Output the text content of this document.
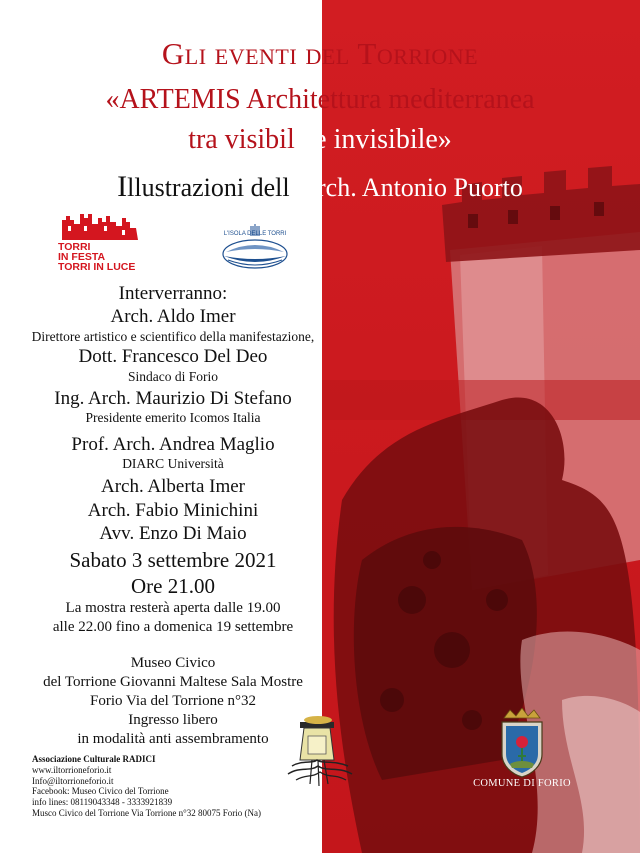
Gli eventi del Torrione
«ARTEMIS Architettura mediterranea
tra visibile e invisibile»
Illustrazioni dell’Arch. Antonio Puorto
TORRI
IN FESTA
TORRI IN LUCE
L'ISOLA DELLE TORRI
Interverranno:
Arch. Aldo Imer
Direttore artistico e scientifico della manifestazione,
Dott. Francesco Del Deo
Sindaco di Forio
Ing. Arch. Maurizio Di Stefano
Presidente emerito Icomos Italia
Prof. Arch. Andrea Maglio
DIARC Università
Arch. Alberta Imer
Arch. Fabio Minichini
Avv. Enzo Di Maio
Sabato 3 settembre 2021
Ore 21.00
La mostra resterà aperta dalle 19.00
alle 22.00 fino a domenica 19 settembre
Museo Civico
del Torrione Giovanni Maltese Sala Mostre
Forio Via del Torrione n°32
Ingresso libero
in modalità anti assembramento
Associazione Culturale RADICI
www.iltorrioneforio.it
Info@iltorrioneforio.it
Facebook: Museo Civico del Torrione
info lines: 08119043348 - 3333921839
Musco Civico del Torrione Via Torrione n°32 80075 Forio (Na)
COMUNE DI FORIO
